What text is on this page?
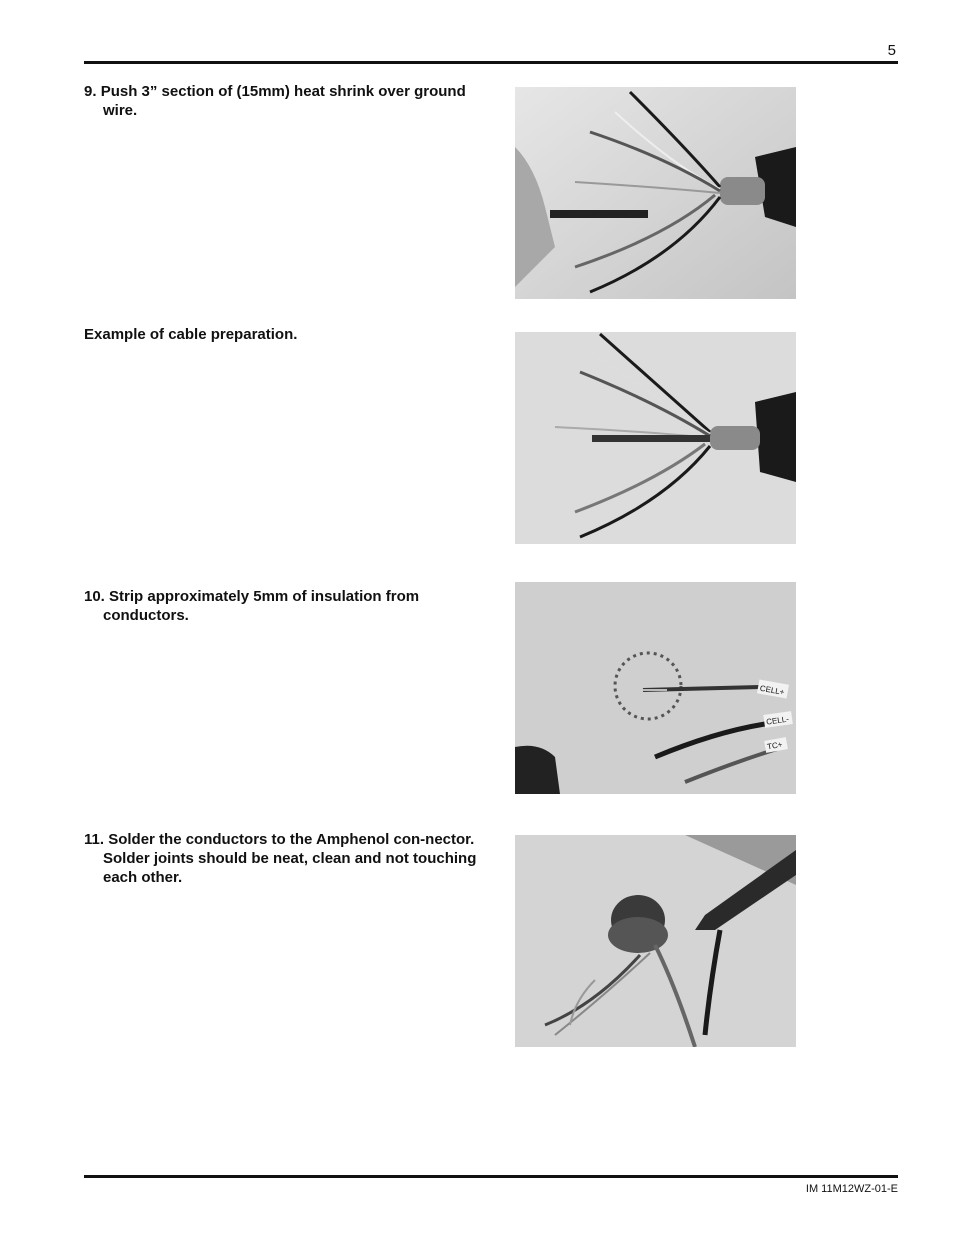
5
9. Push 3” section of (15mm) heat shrink over ground wire.
Example of cable preparation.
10. Strip approximately 5mm of insulation from conductors.
CELL+
CELL-
TC+
11. Solder the conductors to the Amphenol con-nector. Solder joints should be neat, clean and not touching each other.
IM 11M12WZ-01-E
